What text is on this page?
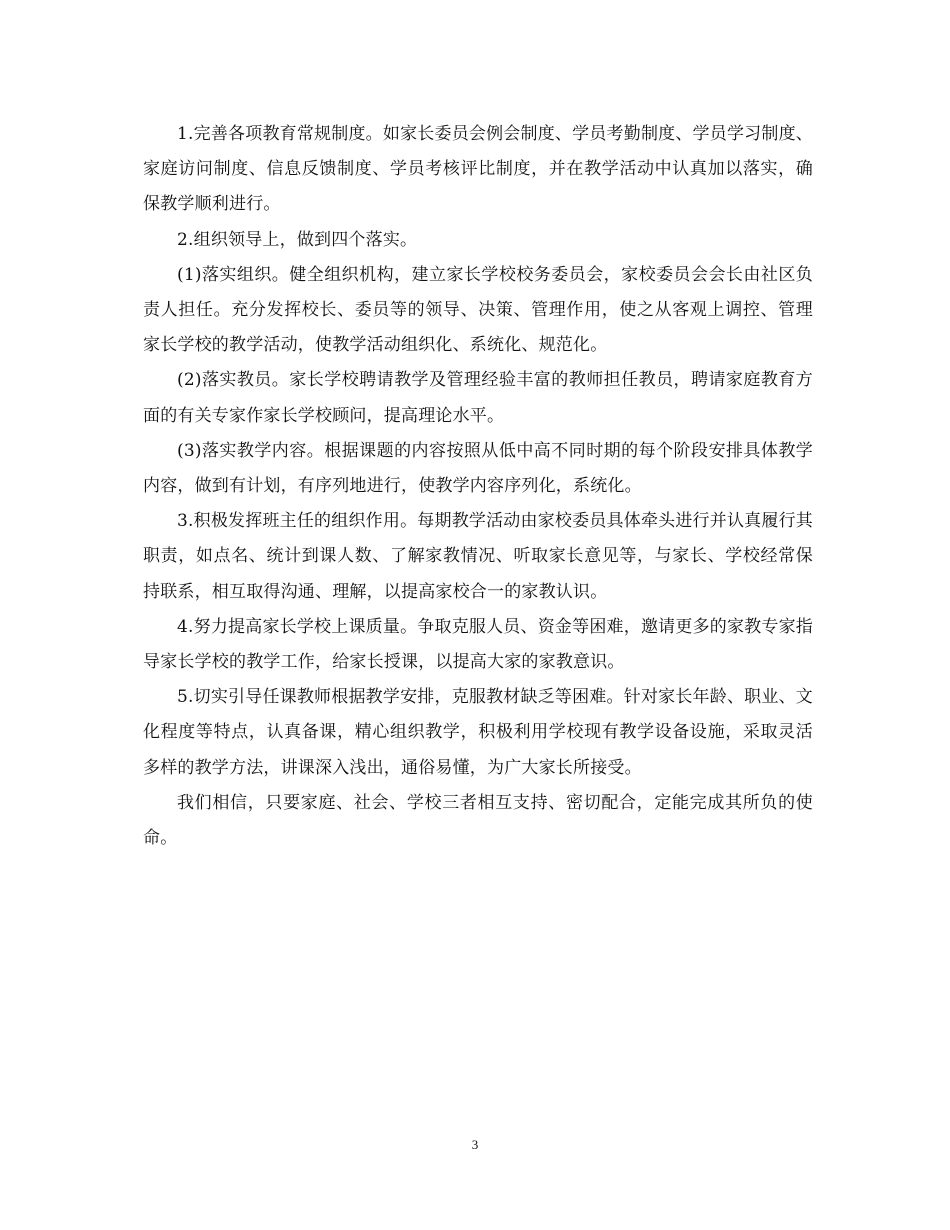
1.完善各项教育常规制度。如家长委员会例会制度、学员考勤制度、学员学习制度、家庭访问制度、信息反馈制度、学员考核评比制度，并在教学活动中认真加以落实，确保教学顺利进行。

2.组织领导上，做到四个落实。

(1)落实组织。健全组织机构，建立家长学校校务委员会，家校委员会会长由社区负责人担任。充分发挥校长、委员等的领导、决策、管理作用，使之从客观上调控、管理家长学校的教学活动，使教学活动组织化、系统化、规范化。

(2)落实教员。家长学校聘请教学及管理经验丰富的教师担任教员，聘请家庭教育方面的有关专家作家长学校顾问，提高理论水平。

(3)落实教学内容。根据课题的内容按照从低中高不同时期的每个阶段安排具体教学内容，做到有计划，有序列地进行，使教学内容序列化，系统化。

3.积极发挥班主任的组织作用。每期教学活动由家校委员具体牵头进行并认真履行其职责，如点名、统计到课人数、了解家教情况、听取家长意见等，与家长、学校经常保持联系，相互取得沟通、理解，以提高家校合一的家教认识。

4.努力提高家长学校上课质量。争取克服人员、资金等困难，邀请更多的家教专家指导家长学校的教学工作，给家长授课，以提高大家的家教意识。

5.切实引导任课教师根据教学安排，克服教材缺乏等困难。针对家长年龄、职业、文化程度等特点，认真备课，精心组织教学，积极利用学校现有教学设备设施，采取灵活多样的教学方法，讲课深入浅出，通俗易懂，为广大家长所接受。

我们相信，只要家庭、社会、学校三者相互支持、密切配合，定能完成其所负的使命。

3
